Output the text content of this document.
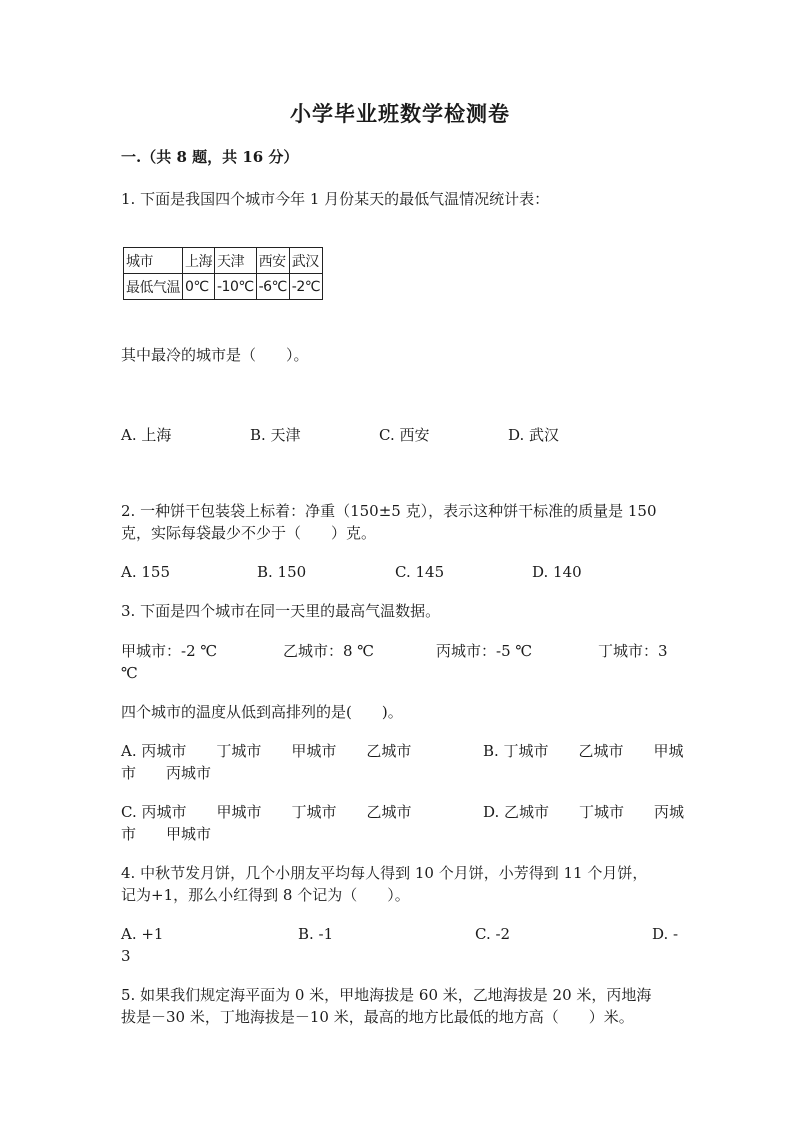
小学毕业班数学检测卷
一.（共 8 题，共 16 分）
1. 下面是我国四个城市今年 1 月份某天的最低气温情况统计表：
城市	上海	天津	西安	武汉
最低气温	0℃	-10℃	-6℃	-2℃
其中最冷的城市是（　　）。
A. 上海	B. 天津	C. 西安	D. 武汉
2. 一种饼干包装袋上标着：净重（150±5 克），表示这种饼干标准的质量是 150
克，实际每袋最少不少于（　　）克。
A. 155	B. 150	C. 145	D. 140
3. 下面是四个城市在同一天里的最高气温数据。
甲城市：-2 ℃	乙城市：8 ℃	丙城市：-5 ℃	丁城市：3
℃
四个城市的温度从低到高排列的是(　　)。
A. 丙城市　　丁城市　　甲城市　　乙城市	B. 丁城市　　乙城市　　甲城
市　　丙城市
C. 丙城市　　甲城市　　丁城市　　乙城市	D. 乙城市　　丁城市　　丙城
市　　甲城市
4. 中秋节发月饼，几个小朋友平均每人得到 10 个月饼，小芳得到 11 个月饼，
记为+1，那么小红得到 8 个记为（　　）。
A. +1	B. -1	C. -2	D. -
3
5. 如果我们规定海平面为 0 米，甲地海拔是 60 米，乙地海拔是 20 米，丙地海
拔是－30 米，丁地海拔是－10 米，最高的地方比最低的地方高（　　）米。
